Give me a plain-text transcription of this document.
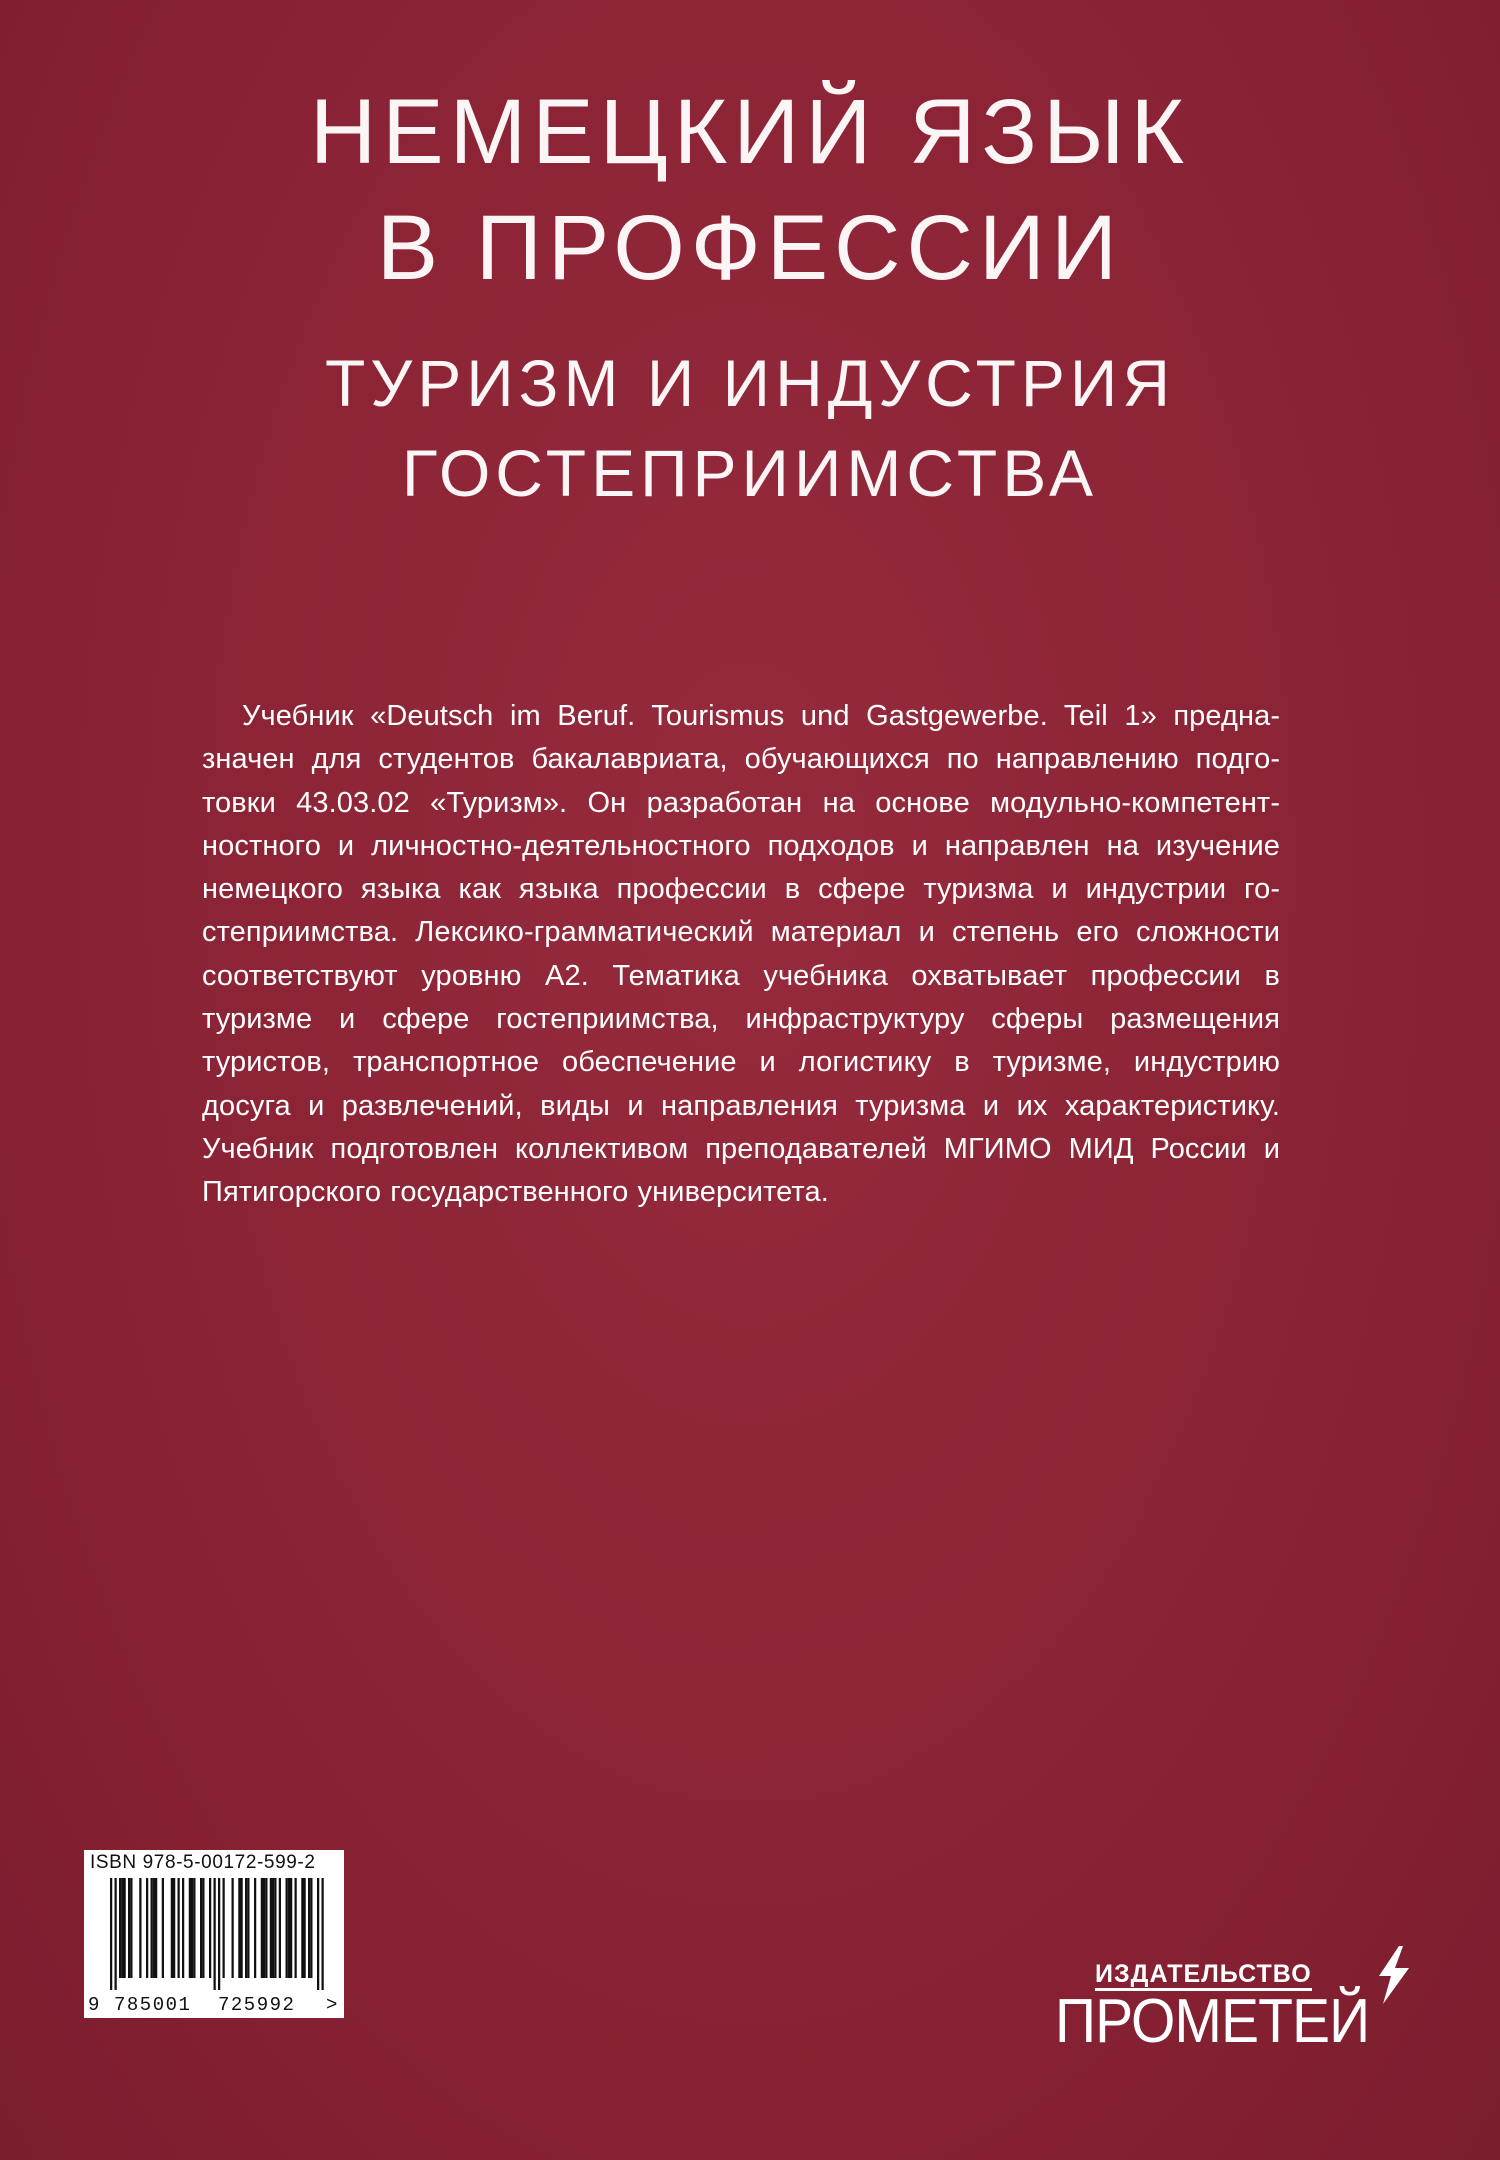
НЕМЕЦКИЙ ЯЗЫК
В ПРОФЕССИИ
ТУРИЗМ И ИНДУСТРИЯ
ГОСТЕПРИИМСТВА

Учебник «Deutsch im Beruf. Tourismus und Gastgewerbe. Teil 1» предназначен для студентов бакалавриата, обучающихся по направлению подготовки 43.03.02 «Туризм». Он разработан на основе модульно-компетентностного и личностно-деятельностного подходов и направлен на изучение немецкого языка как языка профессии в сфере туризма и индустрии гостеприимства. Лексико-грамматический материал и степень его сложности соответствуют уровню А2. Тематика учебника охватывает профессии в туризме и сфере гостеприимства, инфраструктуру сферы размещения туристов, транспортное обеспечение и логистику в туризме, индустрию досуга и развлечений, виды и направления туризма и их характеристику. Учебник подготовлен коллективом преподавателей МГИМО МИД России и Пятигорского государственного университета.

ISBN 978-5-00172-599-2
9 785001 725992 >
ИЗДАТЕЛЬСТВО
ПРОМЕТЕЙ
